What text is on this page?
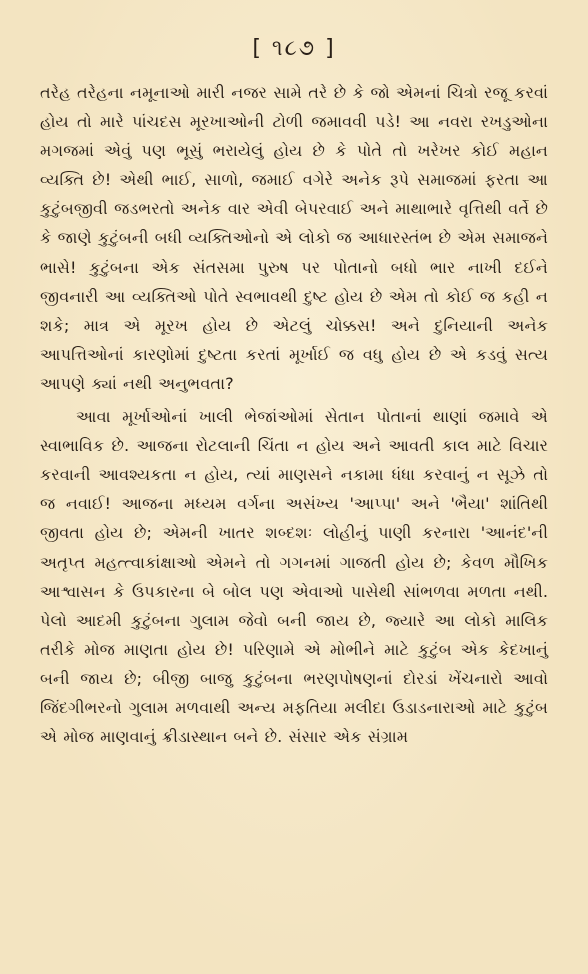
[ ૧૮૭ ]

તરેહ તરેહના નમૂનાઓ મારી નજર સામે તરે છે કે જો એમનાં ચિત્રો રજૂ કરવાં હોય તો મારે પાંચદસ મૂરખાઓની ટોળી જમાવવી પડે! આ નવરા રખડુઓના મગજમાં એવું પણ ભૂસું ભરાયેલું હોય છે કે પોતે તો ખરેખર કોઈ મહાન વ્યક્તિ છે! એથી ભાઈ, સાળો, જમાઈ વગેરે અનેક રૂપે સમાજમાં ફરતા આ કુટુંબજીવી જડભરતો અનેક વાર એવી બેપરવાઈ અને માથાભારે વૃત્તિથી વર્તે છે કે જાણે કુટુંબની બધી વ્યક્તિઓનો એ લોકો જ આધારસ્તંભ છે એમ સમાજને ભાસે! કુટુંબના એક સંતસમા પુરુષ પર પોતાનો બધો ભાર નાખી દઈને જીવનારી આ વ્યક્તિઓ પોતે સ્વભાવથી દુષ્ટ હોય છે એમ તો કોઈ જ કહી ન શકે; માત્ર એ મૂરખ હોય છે એટલું ચોક્કસ! અને દુનિયાની અનેક આપત્તિઓનાં કારણોમાં દુષ્ટતા કરતાં મૂર્ખાઈ જ વધુ હોય છે એ કડવું સત્ય આપણે ક્યાં નથી અનુભવતા?

આવા મૂર્ખાઓનાં ખાલી ભેજાંઓમાં સેતાન પોતાનાં થાણાં જમાવે એ સ્વાભાવિક છે. આજના રોટલાની ચિંતા ન હોય અને આવતી કાલ માટે વિચાર કરવાની આવશ્યકતા ન હોય, ત્યાં માણસને નકામા ધંધા કરવાનું ન સૂઝે તો જ નવાઈ! આજના મધ્યમ વર્ગના અસંખ્ય 'આપ્પા' અને 'ભૈયા' શાંતિથી જીવતા હોય છે; એમની ખાતર શબ્દશઃ લોહીનું પાણી કરનારા 'આનંદ'ની અતૃપ્ત મહત્ત્વાકાંક્ષાઓ એમને તો ગગનમાં ગાજતી હોય છે; કેવળ મૌખિક આશ્વાસન કે ઉપકારના બે બોલ પણ એવાઓ પાસેથી સાંભળવા મળતા નથી. પેલો આદમી કુટુંબના ગુલામ જેવો બની જાય છે, જ્યારે આ લોકો માલિક તરીકે મોજ માણતા હોય છે! પરિણામે એ મોભીને માટે કુટુંબ એક કેદખાનું બની જાય છે; બીજી બાજુ કુટુંબના ભરણપોષણનાં દોરડાં ખેંચનારો આવો જિંદગીભરનો ગુલામ મળવાથી અન્ય મફતિયા મલીદા ઉડાડનારાઓ માટે કુટુંબ એ મોજ માણવાનું ક્રીડાસ્થાન બને છે. સંસાર એક સંગ્રામ
